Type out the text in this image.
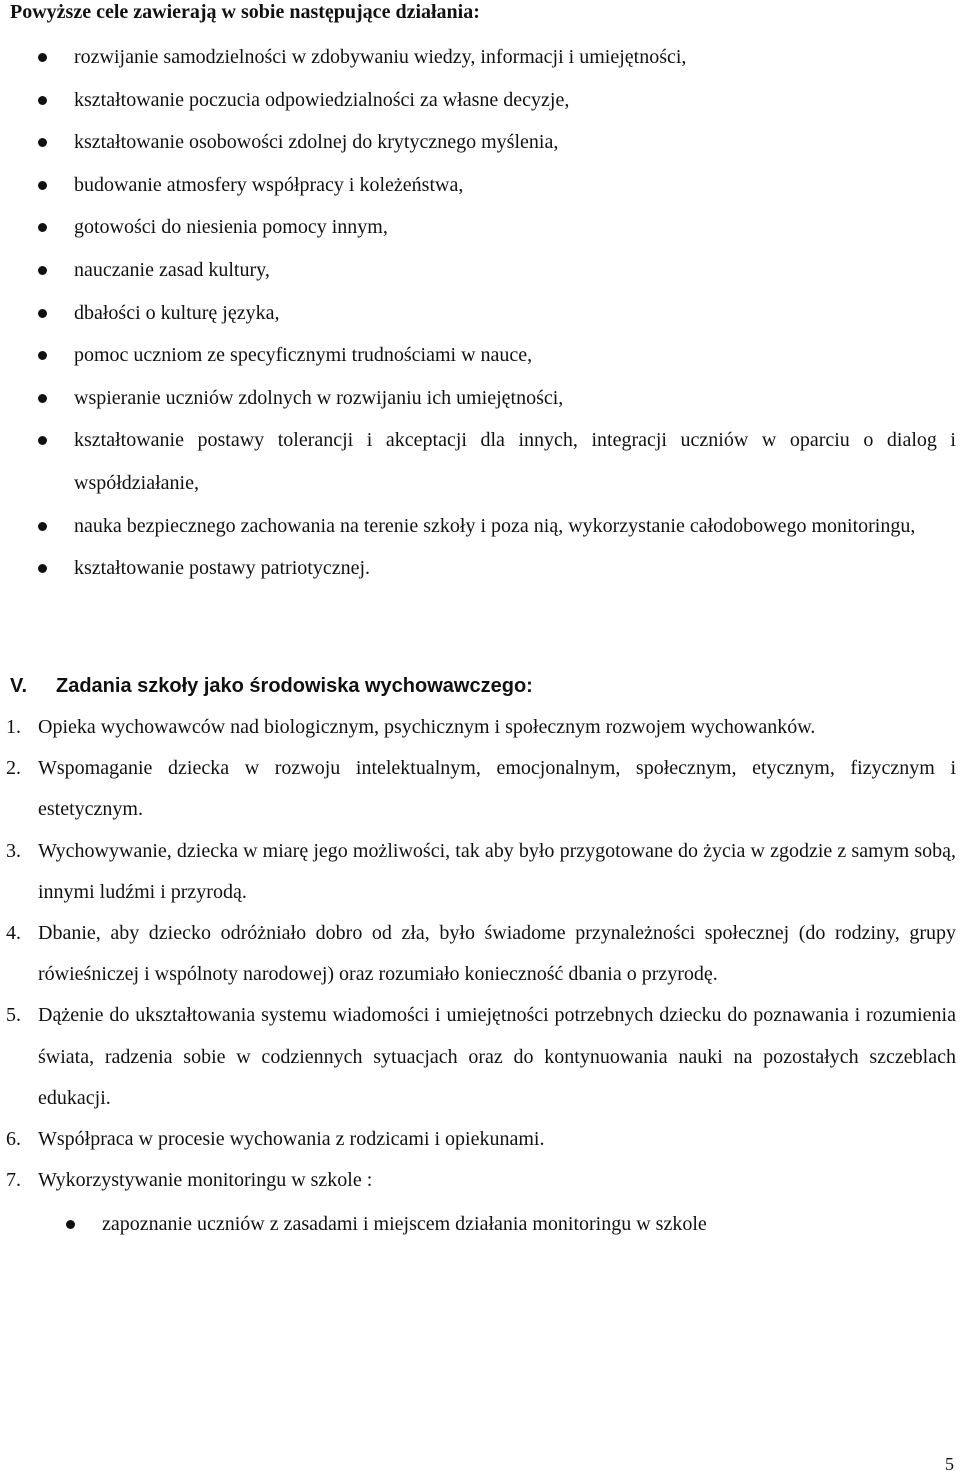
Powyższe cele zawierają w sobie następujące działania:
rozwijanie samodzielności w zdobywaniu wiedzy, informacji i umiejętności,
kształtowanie poczucia odpowiedzialności za własne decyzje,
kształtowanie osobowości zdolnej do krytycznego myślenia,
budowanie atmosfery współpracy i koleżeństwa,
gotowości do niesienia pomocy innym,
nauczanie zasad kultury,
dbałości o kulturę języka,
pomoc uczniom ze specyficznymi trudnościami w nauce,
wspieranie uczniów zdolnych w rozwijaniu ich umiejętności,
kształtowanie postawy tolerancji i akceptacji dla innych, integracji uczniów w oparciu o dialog i współdziałanie,
nauka bezpiecznego zachowania na terenie szkoły i poza nią, wykorzystanie całodobowego monitoringu,
kształtowanie postawy patriotycznej.
V. Zadania szkoły jako środowiska wychowawczego:
1. Opieka wychowawców nad biologicznym, psychicznym i społecznym rozwojem wychowanków.
2. Wspomaganie dziecka w rozwoju intelektualnym, emocjonalnym, społecznym, etycznym, fizycznym i estetycznym.
3. Wychowywanie, dziecka w miarę jego możliwości, tak aby było przygotowane do życia w zgodzie z samym sobą, innymi ludźmi i przyrodą.
4. Dbanie, aby dziecko odróżniało dobro od zła, było świadome przynależności społecznej (do rodziny, grupy rówieśniczej i wspólnoty narodowej) oraz rozumiało konieczność dbania o przyrodę.
5. Dążenie do ukształtowania systemu wiadomości i umiejętności potrzebnych dziecku do poznawania i rozumienia świata, radzenia sobie w codziennych sytuacjach oraz do kontynuowania nauki na pozostałych szczeblach edukacji.
6. Współpraca w procesie wychowania z rodzicami i opiekunami.
7. Wykorzystywanie monitoringu w szkole :
zapoznanie uczniów z zasadami i miejscem działania monitoringu w szkole
5
